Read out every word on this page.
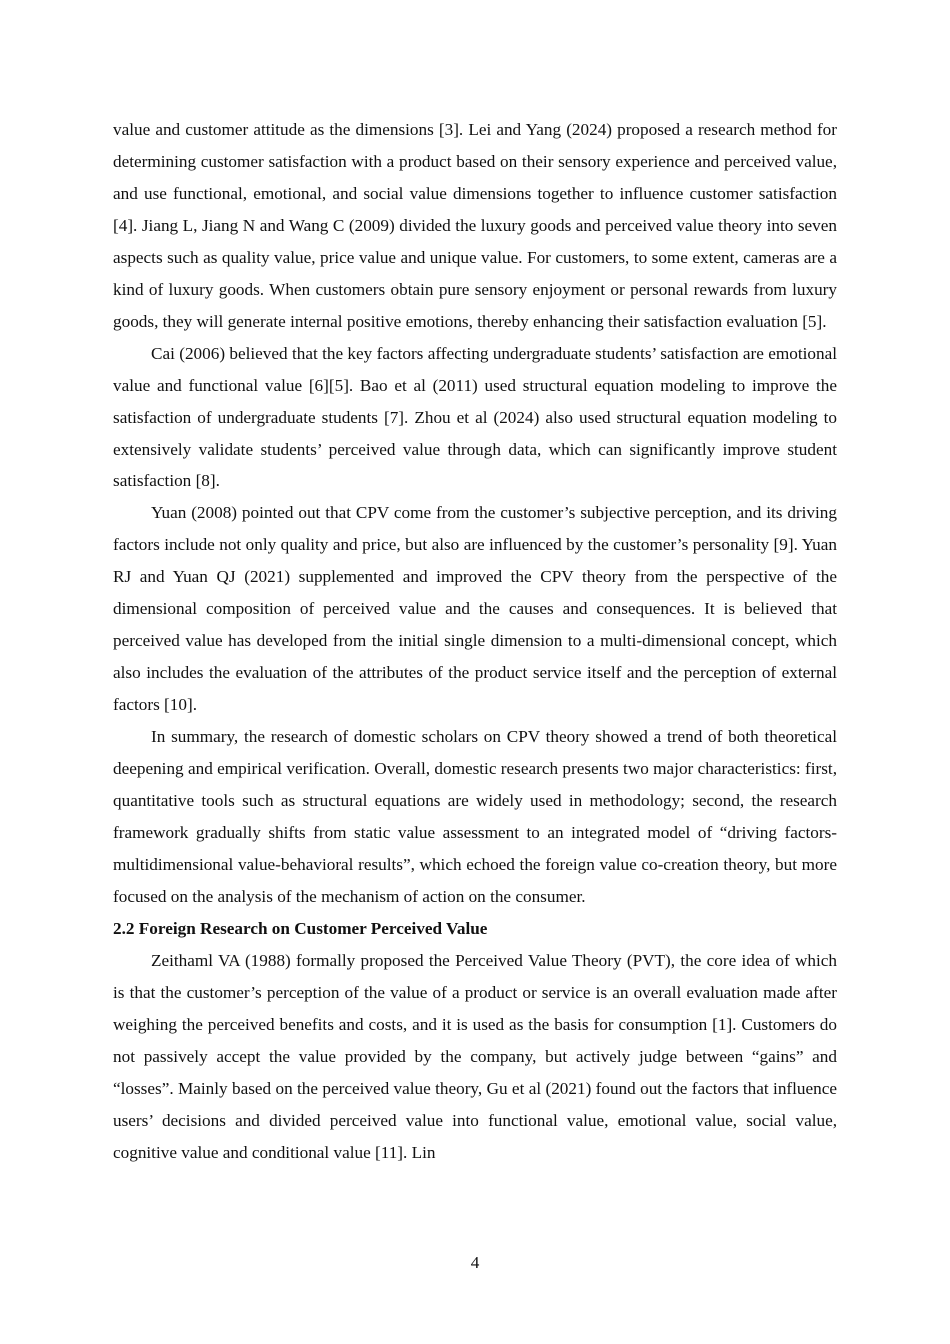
value and customer attitude as the dimensions [3]. Lei and Yang (2024) proposed a research method for determining customer satisfaction with a product based on their sensory experience and perceived value, and use functional, emotional, and social value dimensions together to influence customer satisfaction [4]. Jiang L, Jiang N and Wang C (2009) divided the luxury goods and perceived value theory into seven aspects such as quality value, price value and unique value. For customers, to some extent, cameras are a kind of luxury goods. When customers obtain pure sensory enjoyment or personal rewards from luxury goods, they will generate internal positive emotions, thereby enhancing their satisfaction evaluation [5].

Cai (2006) believed that the key factors affecting undergraduate students’ satisfaction are emotional value and functional value [6][5]. Bao et al (2011) used structural equation modeling to improve the satisfaction of undergraduate students [7]. Zhou et al (2024) also used structural equation modeling to extensively validate students’ perceived value through data, which can significantly improve student satisfaction [8].

Yuan (2008) pointed out that CPV come from the customer’s subjective perception, and its driving factors include not only quality and price, but also are influenced by the customer’s personality [9]. Yuan RJ and Yuan QJ (2021) supplemented and improved the CPV theory from the perspective of the dimensional composition of perceived value and the causes and consequences. It is believed that perceived value has developed from the initial single dimension to a multi-dimensional concept, which also includes the evaluation of the attributes of the product service itself and the perception of external factors [10].

In summary, the research of domestic scholars on CPV theory showed a trend of both theoretical deepening and empirical verification. Overall, domestic research presents two major characteristics: first, quantitative tools such as structural equations are widely used in methodology; second, the research framework gradually shifts from static value assessment to an integrated model of “driving factors-multidimensional value-behavioral results”, which echoed the foreign value co-creation theory, but more focused on the analysis of the mechanism of action on the consumer.

2.2 Foreign Research on Customer Perceived Value

Zeithaml VA (1988) formally proposed the Perceived Value Theory (PVT), the core idea of which is that the customer’s perception of the value of a product or service is an overall evaluation made after weighing the perceived benefits and costs, and it is used as the basis for consumption [1]. Customers do not passively accept the value provided by the company, but actively judge between “gains” and “losses”. Mainly based on the perceived value theory, Gu et al (2021) found out the factors that influence users’ decisions and divided perceived value into functional value, emotional value, social value, cognitive value and conditional value [11]. Lin

4
